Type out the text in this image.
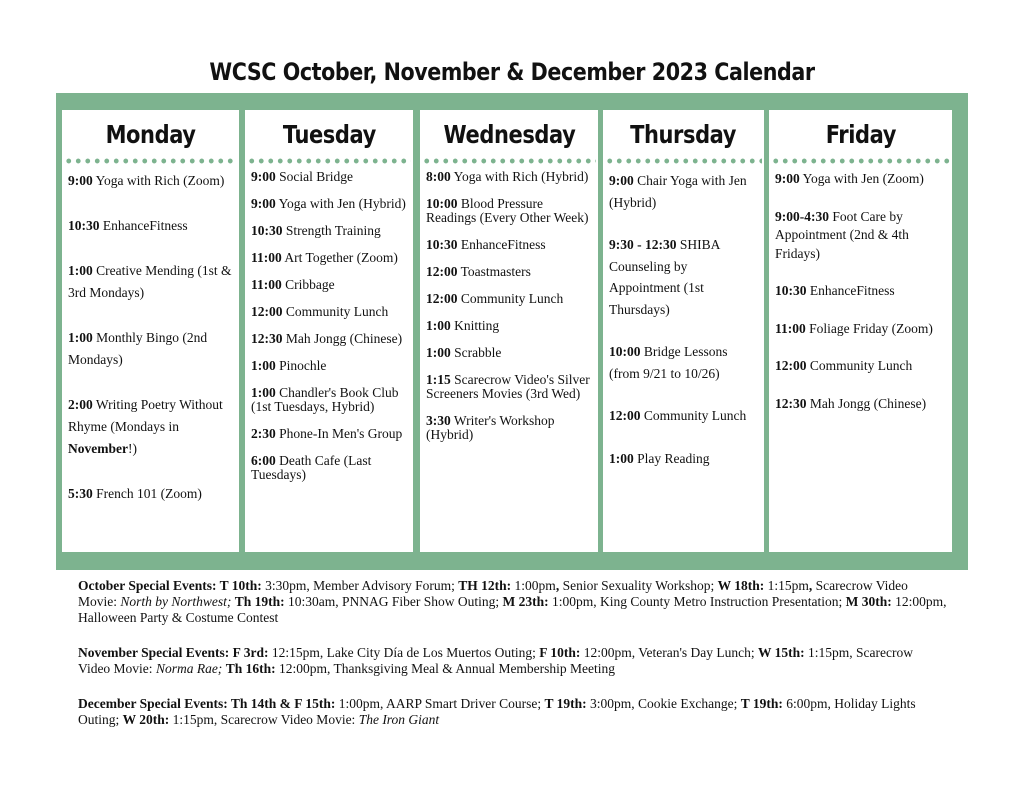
WCSC October, November & December 2023 Calendar
Monday

9:00 Yoga with Rich (Zoom)

10:30 EnhanceFitness

1:00 Creative Mending (1st & 3rd Mondays)

1:00 Monthly Bingo (2nd Mondays)

2:00 Writing Poetry Without Rhyme (Mondays in November!)

5:30 French 101 (Zoom)

Tuesday

9:00 Social Bridge

9:00 Yoga with Jen (Hybrid)

10:30 Strength Training

11:00 Art Together (Zoom)

11:00 Cribbage

12:00 Community Lunch

12:30 Mah Jongg (Chinese)

1:00 Pinochle

1:00 Chandler's Book Club (1st Tuesdays, Hybrid)

2:30 Phone-In Men's Group

6:00 Death Cafe (Last Tuesdays)

Wednesday

8:00 Yoga with Rich (Hybrid)

10:00 Blood Pressure Readings (Every Other Week)

10:30 EnhanceFitness

12:00 Toastmasters

12:00 Community Lunch

1:00 Knitting

1:00 Scrabble

1:15 Scarecrow Video's Silver Screeners Movies (3rd Wed)

3:30 Writer's Workshop (Hybrid)

Thursday

9:00 Chair Yoga with Jen (Hybrid)

9:30 - 12:30 SHIBA Counseling by Appointment (1st Thursdays)

10:00 Bridge Lessons (from 9/21 to 10/26)

12:00 Community Lunch

1:00 Play Reading

Friday

9:00 Yoga with Jen (Zoom)

9:00-4:30 Foot Care by Appointment (2nd & 4th Fridays)

10:30 EnhanceFitness

11:00 Foliage Friday (Zoom)

12:00 Community Lunch

12:30 Mah Jongg (Chinese)

October Special Events: T 10th: 3:30pm, Member Advisory Forum; TH 12th: 1:00pm, Senior Sexuality Workshop; W 18th: 1:15pm, Scarecrow Video Movie: North by Northwest; Th 19th: 10:30am, PNNAG Fiber Show Outing; M 23th: 1:00pm, King County Metro Instruction Presentation; M 30th: 12:00pm, Halloween Party & Costume Contest

November Special Events: F 3rd: 12:15pm, Lake City Día de Los Muertos Outing; F 10th: 12:00pm, Veteran's Day Lunch; W 15th: 1:15pm, Scarecrow Video Movie: Norma Rae; Th 16th: 12:00pm, Thanksgiving Meal & Annual Membership Meeting

December Special Events: Th 14th & F 15th: 1:00pm, AARP Smart Driver Course; T 19th: 3:00pm, Cookie Exchange; T 19th: 6:00pm, Holiday Lights Outing; W 20th: 1:15pm, Scarecrow Video Movie: The Iron Giant
